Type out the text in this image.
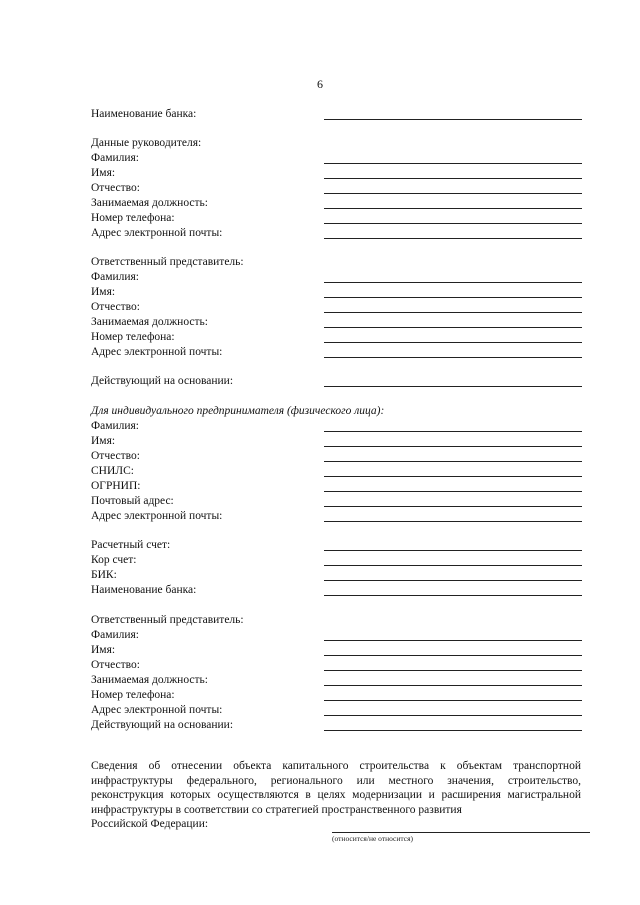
6
Наименование банка:
Данные руководителя:
Фамилия:
Имя:
Отчество:
Занимаемая должность:
Номер телефона:
Адрес электронной почты:
Ответственный представитель:
Фамилия:
Имя:
Отчество:
Занимаемая должность:
Номер телефона:
Адрес электронной почты:
Действующий на основании:
Для индивидуального предпринимателя (физического лица):
Фамилия:
Имя:
Отчество:
СНИЛС:
ОГРНИП:
Почтовый адрес:
Адрес электронной почты:
Расчетный счет:
Кор счет:
БИК:
Наименование банка:
Ответственный представитель:
Фамилия:
Имя:
Отчество:
Занимаемая должность:
Номер телефона:
Адрес электронной почты:
Действующий на основании:
Сведения об отнесении объекта капитального строительства к объектам транспортной инфраструктуры федерального, регионального или местного значения, строительство, реконструкция которых осуществляются в целях модернизации и расширения магистральной инфраструктуры в соответствии со стратегией пространственного развития
Российской Федерации:
(относится/не относится)
